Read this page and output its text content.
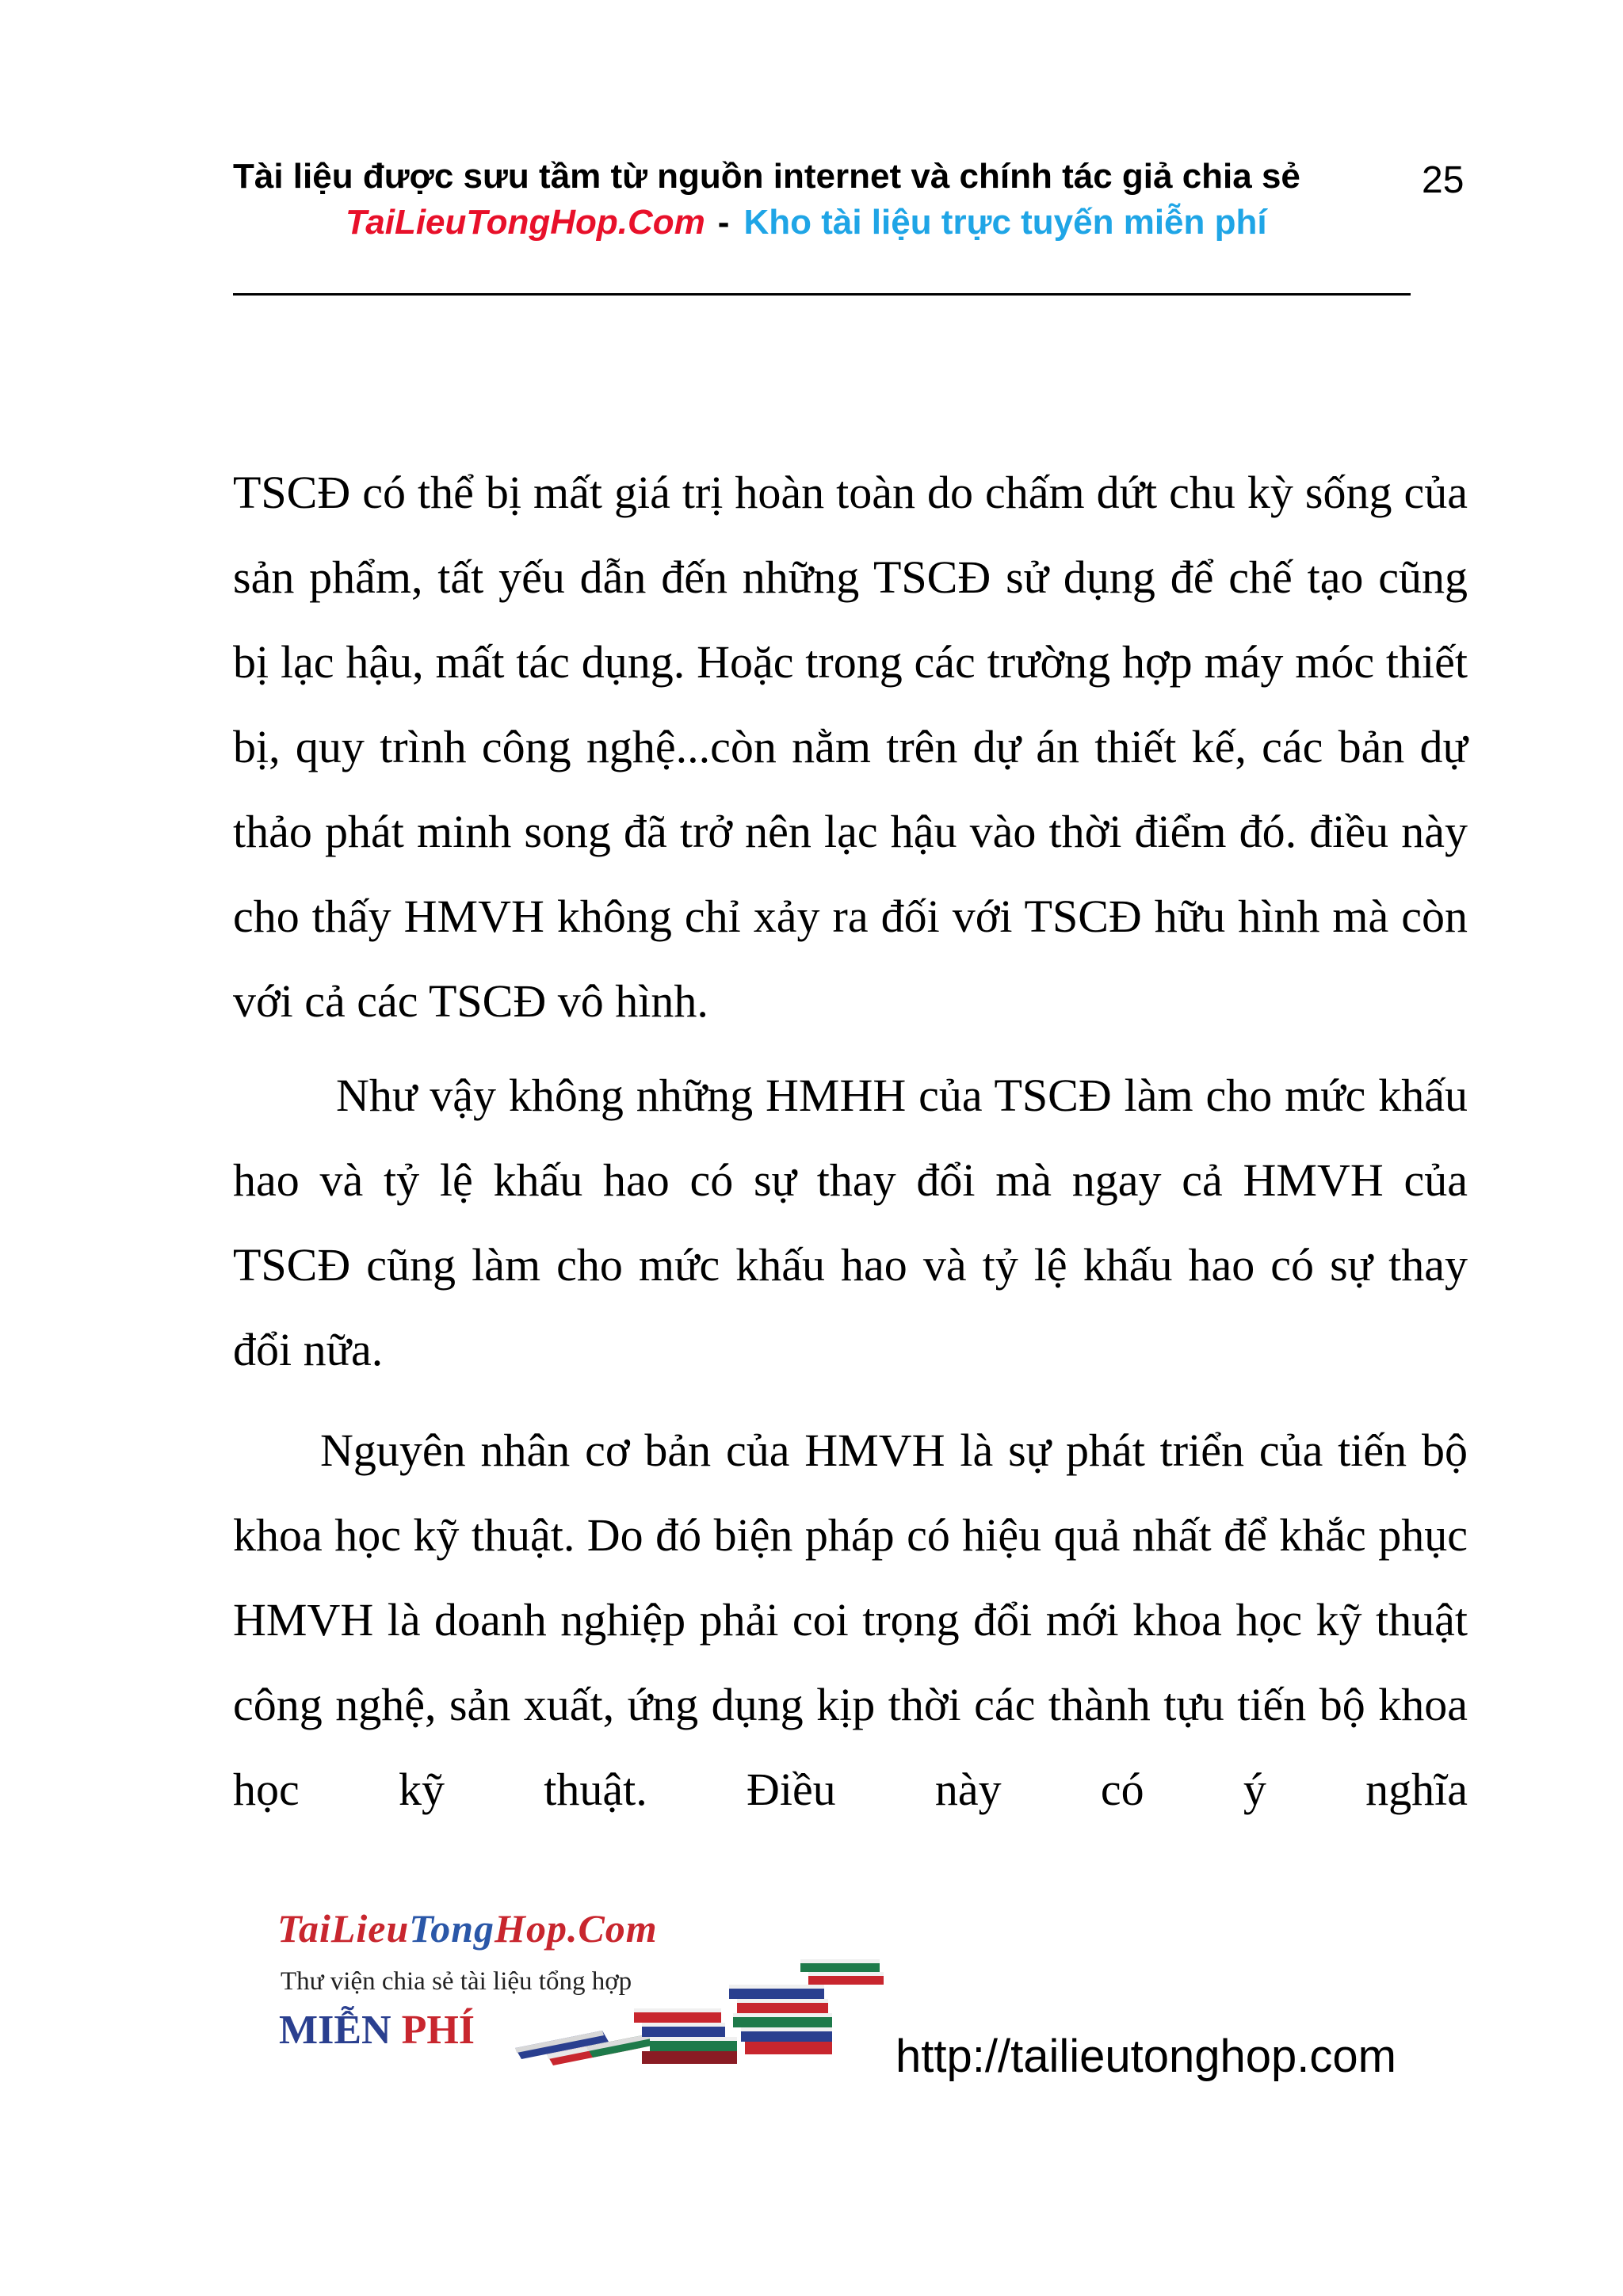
Tài liệu được sưu tầm từ nguồn internet và chính tác giả chia sẻ	25
TaiLieuTongHop.Com - Kho tài liệu trực tuyến miễn phí

TSCĐ có thể bị mất giá trị hoàn toàn do chấm dứt chu kỳ sống của sản phẩm, tất yếu dẫn đến những TSCĐ sử dụng để chế tạo cũng bị lạc hậu, mất tác dụng. Hoặc trong các trường hợp máy móc thiết bị, quy trình công nghệ...còn nằm trên dự án thiết kế, các bản dự thảo phát minh song đã trở nên lạc hậu vào thời điểm đó. điều này cho thấy HMVH không chỉ xảy ra đối với TSCĐ hữu hình mà còn với cả các TSCĐ vô hình.

Như vậy không những HMHH của TSCĐ làm cho mức khấu hao và tỷ lệ khấu hao có sự thay đổi mà ngay cả HMVH của TSCĐ cũng làm cho mức khấu hao và tỷ lệ khấu hao có sự thay đổi nữa.

Nguyên nhân cơ bản của HMVH là sự phát triển của tiến bộ khoa học kỹ thuật. Do đó biện pháp có hiệu quả nhất để khắc phục HMVH là doanh nghiệp phải coi trọng đổi mới khoa học kỹ thuật công nghệ, sản xuất, ứng dụng kịp thời các thành tựu tiến bộ khoa học kỹ thuật. Điều này có ý nghĩa

TaiLieuTongHop.Com
Thư viện chia sẻ tài liệu tổng hợp
MIỄN PHÍ
http://tailieutonghop.com
